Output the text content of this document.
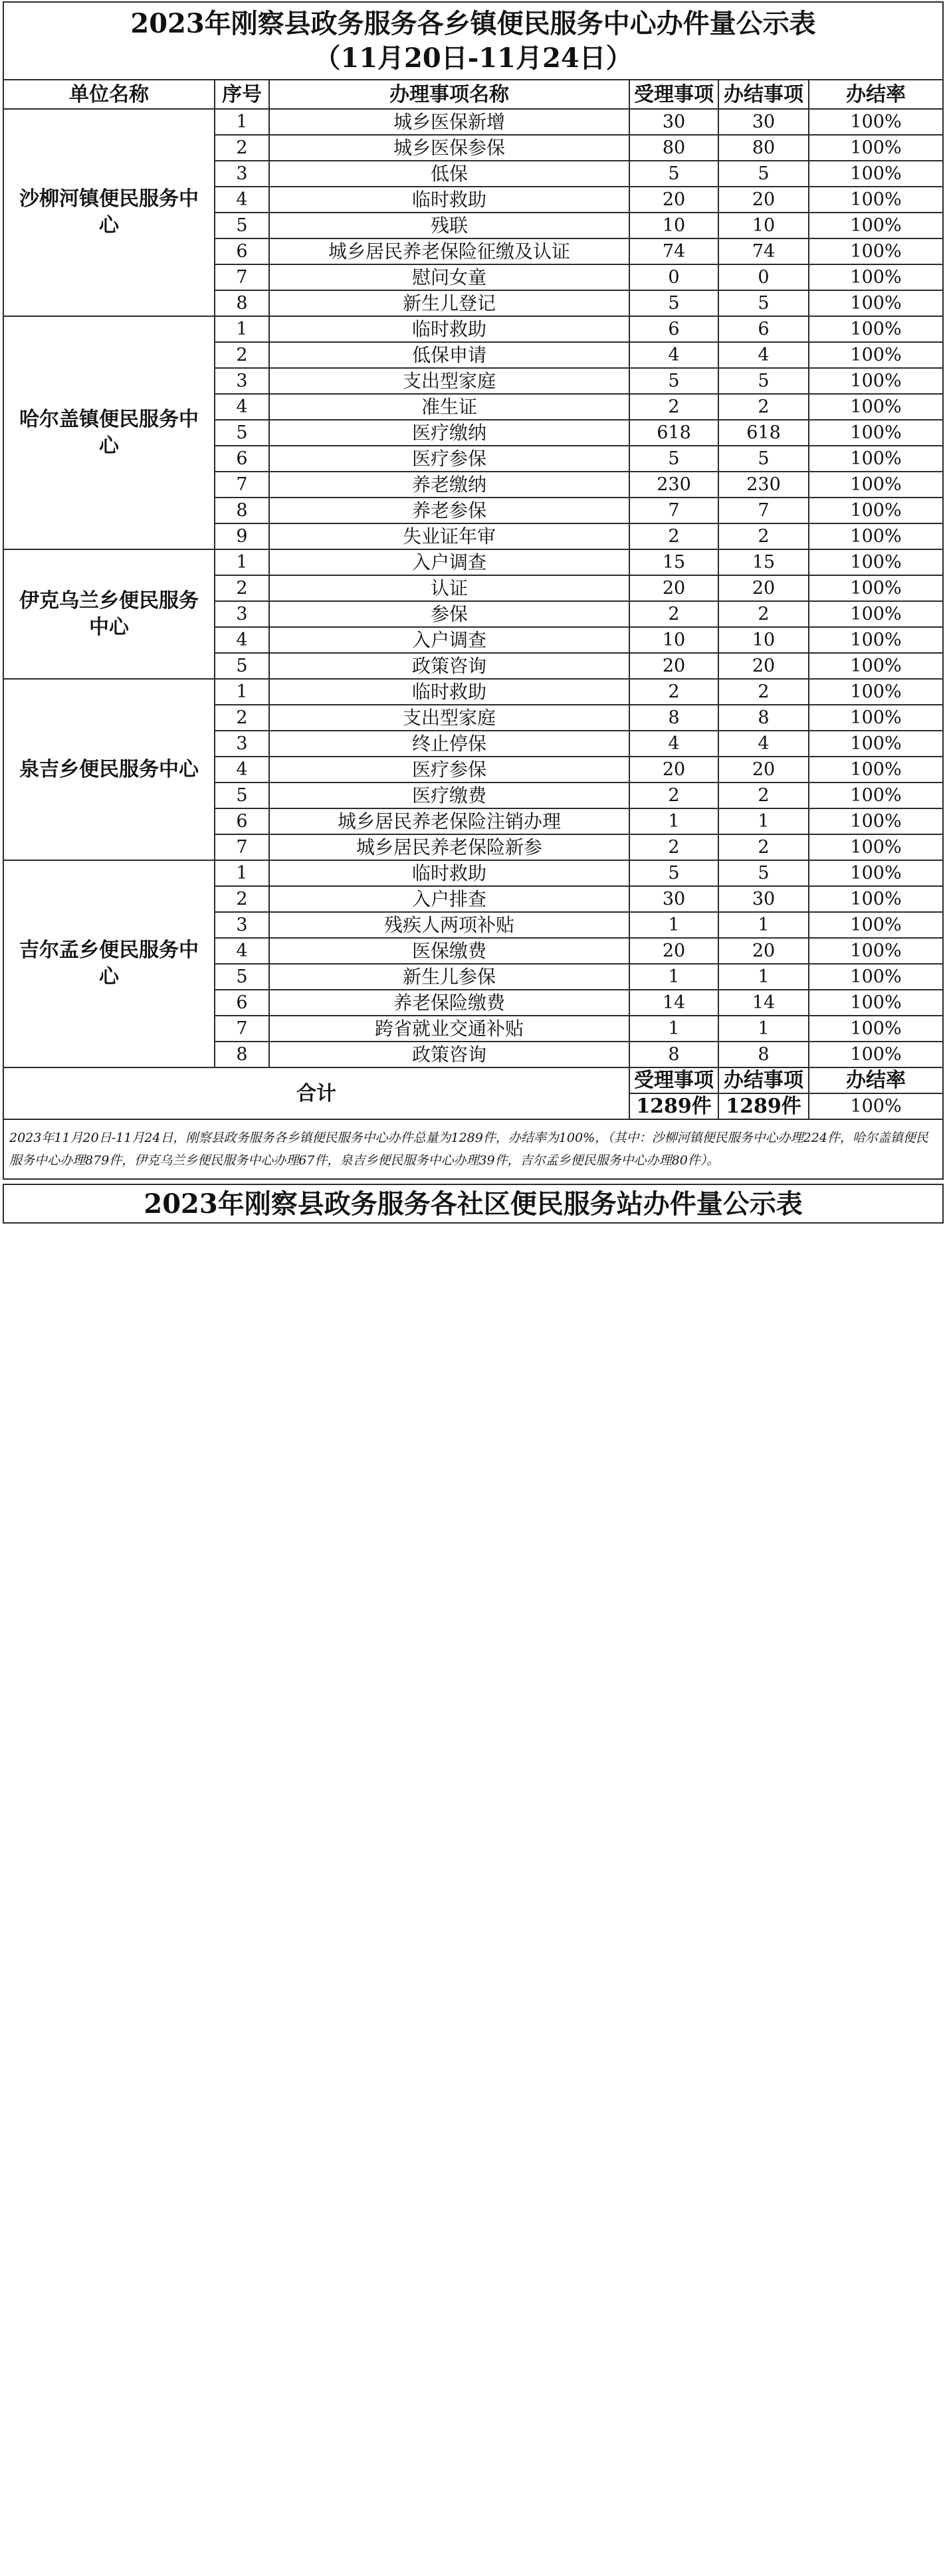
2023年刚察县政务服务各乡镇便民服务中心办件量公示表
（11月20日-11月24日）					

单位名称	序号	办理事项名称	受理事项	办结事项	办结率
沙柳河镇便民服务中心	1	城乡医保新增	30	30	100%
	2	城乡医保参保	80	80	100%
	3	低保	5	5	100%
	4	临时救助	20	20	100%
	5	残联	10	10	100%
	6	城乡居民养老保险征缴及认证	74	74	100%
	7	慰问女童	0	0	100%
	8	新生儿登记	5	5	100%
哈尔盖镇便民服务中心	1	临时救助	6	6	100%
	2	低保申请	4	4	100%
	3	支出型家庭	5	5	100%
	4	准生证	2	2	100%
	5	医疗缴纳	618	618	100%
	6	医疗参保	5	5	100%
	7	养老缴纳	230	230	100%
	8	养老参保	7	7	100%
	9	失业证年审	2	2	100%
伊克乌兰乡便民服务中心	1	入户调查	15	15	100%
	2	认证	20	20	100%
	3	参保	2	2	100%
	4	入户调查	10	10	100%
	5	政策咨询	20	20	100%
泉吉乡便民服务中心	1	临时救助	2	2	100%
	2	支出型家庭	8	8	100%
	3	终止停保	4	4	100%
	4	医疗参保	20	20	100%
	5	医疗缴费	2	2	100%
	6	城乡居民养老保险注销办理	1	1	100%
	7	城乡居民养老保险新参	2	2	100%
吉尔孟乡便民服务中心	1	临时救助	5	5	100%
	2	入户排查	30	30	100%
	3	残疾人两项补贴	1	1	100%
	4	医保缴费	20	20	100%
	5	新生儿参保	1	1	100%
	6	养老保险缴费	14	14	100%
	7	跨省就业交通补贴	1	1	100%
	8	政策咨询	8	8	100%
合计			受理事项	办结事项	办结率
			1289件	1289件	100%
2023年11月20日-11月24日，刚察县政务服务各乡镇便民服务中心办件总量为1289件，办结率为100%，（其中：沙柳河镇便民服务中心办理224件，哈尔盖镇便民服务中心办理879件，伊克乌兰乡便民服务中心办理67件，泉吉乡便民服务中心办理39件，吉尔孟乡便民服务中心办理80件）。					

2023年刚察县政务服务各社区便民服务站办件量公示表
